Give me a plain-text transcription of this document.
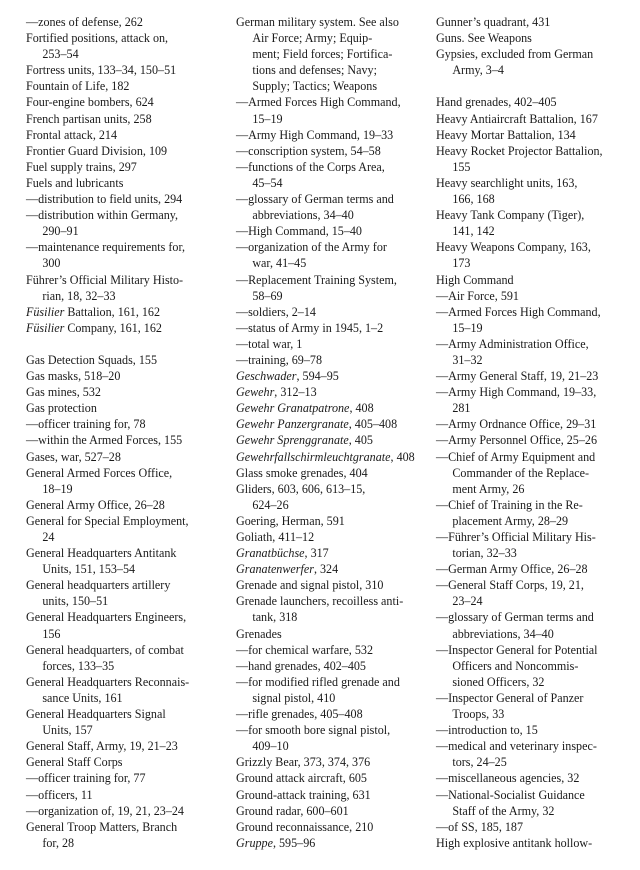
—zones of defense, 262
Fortified positions, attack on,
253–54
Fortress units, 133–34, 150–51
Fountain of Life, 182
Four-engine bombers, 624
French partisan units, 258
Frontal attack, 214
Frontier Guard Division, 109
Fuel supply trains, 297
Fuels and lubricants
—distribution to field units, 294
—distribution within Germany,
290–91
—maintenance requirements for,
300
Führer’s Official Military Histo-
rian, 18, 32–33
Füsilier Battalion, 161, 162
Füsilier Company, 161, 162
Gas Detection Squads, 155
Gas masks, 518–20
Gas mines, 532
Gas protection
—officer training for, 78
—within the Armed Forces, 155
Gases, war, 527–28
General Armed Forces Office,
18–19
General Army Office, 26–28
General for Special Employment,
24
General Headquarters Antitank
Units, 151, 153–54
General headquarters artillery
units, 150–51
General Headquarters Engineers,
156
General headquarters, of combat
forces, 133–35
General Headquarters Reconnais-
sance Units, 161
General Headquarters Signal
Units, 157
General Staff, Army, 19, 21–23
General Staff Corps
—officer training for, 77
—officers, 11
—organization of, 19, 21, 23–24
General Troop Matters, Branch
for, 28
German military system. See also
Air Force; Army; Equip-
ment; Field forces; Fortifica-
tions and defenses; Navy;
Supply; Tactics; Weapons
—Armed Forces High Command,
15–19
—Army High Command, 19–33
—conscription system, 54–58
—functions of the Corps Area,
45–54
—glossary of German terms and
abbreviations, 34–40
—High Command, 15–40
—organization of the Army for
war, 41–45
—Replacement Training System,
58–69
—soldiers, 2–14
—status of Army in 1945, 1–2
—total war, 1
—training, 69–78
Geschwader, 594–95
Gewehr, 312–13
Gewehr Granatpatrone, 408
Gewehr Panzergranate, 405–408
Gewehr Sprenggranate, 405
Gewehrfallschirmleuchtgranate, 408
Glass smoke grenades, 404
Gliders, 603, 606, 613–15,
624–26
Goering, Herman, 591
Goliath, 411–12
Granatbüchse, 317
Granatenwerfer, 324
Grenade and signal pistol, 310
Grenade launchers, recoilless anti-
tank, 318
Grenades
—for chemical warfare, 532
—hand grenades, 402–405
—for modified rifled grenade and
signal pistol, 410
—rifle grenades, 405–408
—for smooth bore signal pistol,
409–10
Grizzly Bear, 373, 374, 376
Ground attack aircraft, 605
Ground-attack training, 631
Ground radar, 600–601
Ground reconnaissance, 210
Gruppe, 595–96
Gunner’s quadrant, 431
Guns. See Weapons
Gypsies, excluded from German
Army, 3–4
Hand grenades, 402–405
Heavy Antiaircraft Battalion, 167
Heavy Mortar Battalion, 134
Heavy Rocket Projector Battalion,
155
Heavy searchlight units, 163,
166, 168
Heavy Tank Company (Tiger),
141, 142
Heavy Weapons Company, 163,
173
High Command
—Air Force, 591
—Armed Forces High Command,
15–19
—Army Administration Office,
31–32
—Army General Staff, 19, 21–23
—Army High Command, 19–33,
281
—Army Ordnance Office, 29–31
—Army Personnel Office, 25–26
—Chief of Army Equipment and
Commander of the Replace-
ment Army, 26
—Chief of Training in the Re-
placement Army, 28–29
—Führer’s Official Military His-
torian, 32–33
—German Army Office, 26–28
—General Staff Corps, 19, 21,
23–24
—glossary of German terms and
abbreviations, 34–40
—Inspector General for Potential
Officers and Noncommis-
sioned Officers, 32
—Inspector General of Panzer
Troops, 33
—introduction to, 15
—medical and veterinary inspec-
tors, 24–25
—miscellaneous agencies, 32
—National-Socialist Guidance
Staff of the Army, 32
—of SS, 185, 187
High explosive antitank hollow-
